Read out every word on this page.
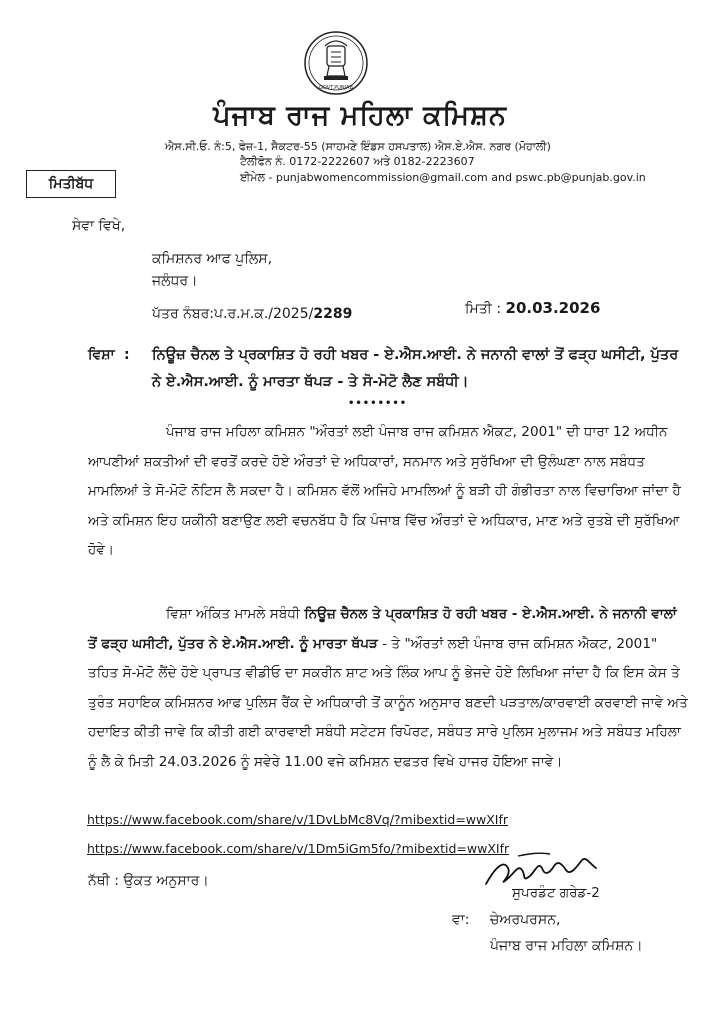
GOVT.PUNJAB
ਪੰਜਾਬ ਰਾਜ ਮਹਿਲਾ ਕਮਿਸ਼ਨ
ਐਸ.ਸੀ.ਓ. ਨੰ:5, ਫੇਜ਼-1, ਸੈਕਟਰ-55 (ਸਾਹਮਣੇ ਇੰਡਸ ਹਸਪਤਾਲ) ਐਸ.ਏ.ਐਸ. ਨਗਰ (ਮੋਹਾਲੀ)
ਟੈਲੀਫੋਨ ਨੰ. 0172-2222607 ਅਤੇ 0182-2223607
ਈਮੇਲ - punjabwomencommission@gmail.com and pswc.pb@punjab.gov.in
ਮਿਤੀਬੱਧ
ਸੇਵਾ ਵਿਖੇ,
ਕਮਿਸ਼ਨਰ ਆਫ ਪੁਲਿਸ,
ਜਲੰਧਰ।
ਪੱਤਰ ਨੰਬਰ:ਪ.ਰ.ਮ.ਕ./2025/2289	ਮਿਤੀ : 20.03.2026
ਵਿਸ਼ਾ : ਨਿਊਜ਼ ਚੈਨਲ ਤੇ ਪ੍ਰਕਾਸ਼ਿਤ ਹੋ ਰਹੀ ਖਬਰ - ਏ.ਐਸ.ਆਈ. ਨੇ ਜਨਾਨੀ ਵਾਲਾਂ ਤੋਂ ਫੜ੍ਹ ਘਸੀਟੀ, ਪੁੱਤਰ ਨੇ ਏ.ਐਸ.ਆਈ. ਨੂੰ ਮਾਰਤਾ ਥੱਪੜ - ਤੇ ਸੋ-ਮੋਟੋ ਲੈਣ ਸਬੰਧੀ।
••••••••
ਪੰਜਾਬ ਰਾਜ ਮਹਿਲਾ ਕਮਿਸ਼ਨ "ਔਰਤਾਂ ਲਈ ਪੰਜਾਬ ਰਾਜ ਕਮਿਸ਼ਨ ਐਕਟ, 2001" ਦੀ ਧਾਰਾ 12 ਅਧੀਨ ਆਪਣੀਆਂ ਸ਼ਕਤੀਆਂ ਦੀ ਵਰਤੋਂ ਕਰਦੇ ਹੋਏ ਔਰਤਾਂ ਦੇ ਅਧਿਕਾਰਾਂ, ਸਨਮਾਨ ਅਤੇ ਸੁਰੱਖਿਆ ਦੀ ਉਲੰਘਣਾ ਨਾਲ ਸਬੰਧਤ ਮਾਮਲਿਆਂ ਤੇ ਸੋ-ਮੋਟੋ ਨੋਟਿਸ ਲੈ ਸਕਦਾ ਹੈ। ਕਮਿਸ਼ਨ ਵੱਲੋਂ ਅਜਿਹੇ ਮਾਮਲਿਆਂ ਨੂੰ ਬੜੀ ਹੀ ਗੰਭੀਰਤਾ ਨਾਲ ਵਿਚਾਰਿਆ ਜਾਂਦਾ ਹੈ ਅਤੇ ਕਮਿਸ਼ਨ ਇਹ ਯਕੀਨੀ ਬਣਾਉਣ ਲਈ ਵਚਨਬੱਧ ਹੈ ਕਿ ਪੰਜਾਬ ਵਿੱਚ ਔਰਤਾਂ ਦੇ ਅਧਿਕਾਰ, ਮਾਣ ਅਤੇ ਰੁਤਬੇ ਦੀ ਸੁਰੱਖਿਆ ਹੋਵੇ।
ਵਿਸ਼ਾ ਅੰਕਿਤ ਮਾਮਲੇ ਸਬੰਧੀ ਨਿਊਜ਼ ਚੈਨਲ ਤੇ ਪ੍ਰਕਾਸ਼ਿਤ ਹੋ ਰਹੀ ਖਬਰ - ਏ.ਐਸ.ਆਈ. ਨੇ ਜਨਾਨੀ ਵਾਲਾਂ ਤੋਂ ਫੜ੍ਹ ਘਸੀਟੀ, ਪੁੱਤਰ ਨੇ ਏ.ਐਸ.ਆਈ. ਨੂੰ ਮਾਰਤਾ ਥੱਪੜ - ਤੇ "ਔਰਤਾਂ ਲਈ ਪੰਜਾਬ ਰਾਜ ਕਮਿਸ਼ਨ ਐਕਟ, 2001" ਤਹਿਤ ਸੋ-ਮੋਟੋ ਲੈਂਦੇ ਹੋਏ ਪ੍ਰਾਪਤ ਵੀਡੀਓ ਦਾ ਸਕਰੀਨ ਸ਼ਾਟ ਅਤੇ ਲਿੰਕ ਆਪ ਨੂੰ ਭੇਜਦੇ ਹੋਏ ਲਿਖਿਆ ਜਾਂਦਾ ਹੈ ਕਿ ਇਸ ਕੇਸ ਤੇ ਤੁਰੰਤ ਸਹਾਇਕ ਕਮਿਸ਼ਨਰ ਆਫ ਪੁਲਿਸ ਰੈਂਕ ਦੇ ਅਧਿਕਾਰੀ ਤੋਂ ਕਾਨੂੰਨ ਅਨੁਸਾਰ ਬਣਦੀ ਪੜਤਾਲ/ਕਾਰਵਾਈ ਕਰਵਾਈ ਜਾਵੇ ਅਤੇ ਹਦਾਇਤ ਕੀਤੀ ਜਾਵੇ ਕਿ ਕੀਤੀ ਗਈ ਕਾਰਵਾਈ ਸਬੰਧੀ ਸਟੇਟਸ ਰਿਪੋਰਟ, ਸਬੰਧਤ ਸਾਰੇ ਪੁਲਿਸ ਮੁਲਾਜਮ ਅਤੇ ਸਬੰਧਤ ਮਹਿਲਾ ਨੂੰ ਲੈ ਕੇ ਮਿਤੀ 24.03.2026 ਨੂੰ ਸਵੇਰੇ 11.00 ਵਜੇ ਕਮਿਸ਼ਨ ਦਫਤਰ ਵਿਖੇ ਹਾਜਰ ਹੋਇਆ ਜਾਵੇ।
https://www.facebook.com/share/v/1DvLbMc8Vq/?mibextid=wwXIfr
https://www.facebook.com/share/v/1Dm5iGm5fo/?mibextid=wwXIfr
ਨੱਥੀ : ਉਕਤ ਅਨੁਸਾਰ।
ਸੁਪਰਡੰਟ ਗਰੇਡ-2
ਵਾ: ਚੇਅਰਪਰਸਨ,
ਪੰਜਾਬ ਰਾਜ ਮਹਿਲਾ ਕਮਿਸ਼ਨ।
